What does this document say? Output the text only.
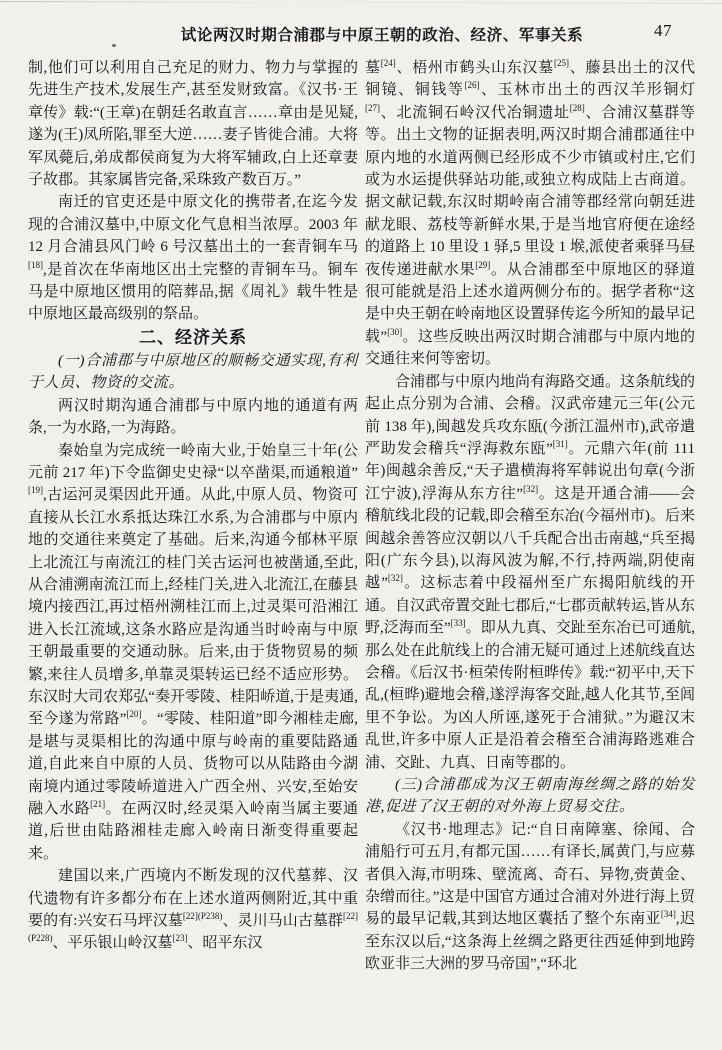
试论两汉时期合浦郡与中原王朝的政治、经济、军事关系	47

制,他们可以利用自己充足的财力、物力与掌握的先进生产技术,发展生产,甚至发财致富。《汉书·王章传》载:“(王章)在朝廷名敢直言……章由是见疑,遂为(王)凤所陷,罪至大逆……妻子皆徙合浦。大将军凤薨后,弟成都侯商复为大将军辅政,白上还章妻子故郡。其家属皆完备,采珠致产数百万。”

南迁的官吏还是中原文化的携带者,在迄今发现的合浦汉墓中,中原文化气息相当浓厚。2003 年 12 月合浦县风门岭 6 号汉墓出土的一套青铜车马[18],是首次在华南地区出土完整的青铜车马。铜车马是中原地区惯用的陪葬品,据《周礼》载牛牲是中原地区最高级别的祭品。

二、经济关系

(一)合浦郡与中原地区的顺畅交通实现,有利于人员、物资的交流。

两汉时期沟通合浦郡与中原内地的通道有两条,一为水路,一为海路。

秦始皇为完成统一岭南大业,于始皇三十年(公元前 217 年)下令监御史史禄“以卒凿渠,而通粮道”[19],古运河灵渠因此开通。从此,中原人员、物资可直接从长江水系抵达珠江水系,为合浦郡与中原内地的交通往来奠定了基础。后来,沟通今郁林平原上北流江与南流江的桂门关古运河也被凿通,至此,从合浦溯南流江而上,经桂门关,进入北流江,在藤县境内接西江,再过梧州溯桂江而上,过灵渠可沿湘江进入长江流域,这条水路应是沟通当时岭南与中原王朝最重要的交通动脉。后来,由于货物贸易的频繁,来往人员增多,单靠灵渠转运已经不适应形势。东汉时大司农郑弘“奏开零陵、桂阳峤道,于是夷通,至今遂为常路”[20]。“零陵、桂阳道”即今湘桂走廊,是堪与灵渠相比的沟通中原与岭南的重要陆路通道,自此来自中原的人员、货物可以从陆路由今湖南境内通过零陵峤道进入广西全州、兴安,至始安融入水路[21]。在两汉时,经灵渠入岭南当属主要通道,后世由陆路湘桂走廊入岭南日渐变得重要起来。

建国以来,广西境内不断发现的汉代墓葬、汉代遗物有许多都分布在上述水道两侧附近,其中重要的有:兴安石马坪汉墓$^{[22](P238)}$、灵川马山古墓群$^{[22](P228)}$、平乐银山岭汉墓[23]、昭平东汉

墓[24]、梧州市鹤头山东汉墓[25]、藤县出土的汉代铜镜、铜钱等[26]、玉林市出土的西汉羊形铜灯[27]、北流铜石岭汉代冶铜遗址[28]、合浦汉墓群等等。出土文物的证据表明,两汉时期合浦郡通往中原内地的水道两侧已经形成不少市镇或村庄,它们或为水运提供驿站功能,或独立构成陆上古商道。据文献记载,东汉时期岭南合浦等郡经常向朝廷进献龙眼、荔枝等新鲜水果,于是当地官府便在途经的道路上 10 里设 1 驿,5 里设 1 堠,派使者乘驿马昼夜传递进献水果[29]。从合浦郡至中原地区的驿道很可能就是沿上述水道两侧分布的。据学者称“这是中央王朝在岭南地区设置驿传迄今所知的最早记载”[30]。这些反映出两汉时期合浦郡与中原内地的交通往来何等密切。

合浦郡与中原内地尚有海路交通。这条航线的起止点分别为合浦、会稽。汉武帝建元三年(公元前 138 年),闽越发兵攻东瓯(今浙江温州市),武帝遣严助发会稽兵“浮海救东瓯”[31]。元鼎六年(前 111 年)闽越余善反,“天子遣横海将军韩说出句章(今浙江宁波),浮海从东方往”[32]。这是开通合浦——会稽航线北段的记载,即会稽至东冶(今福州市)。后来闽越余善答应汉朝以八千兵配合出击南越,“兵至揭阳(广东今县),以海风波为解,不行,持两端,阴使南越”[32]。这标志着中段福州至广东揭阳航线的开通。自汉武帝置交趾七郡后,“七郡贡献转运,皆从东野,泛海而至”[33]。即从九真、交趾至东冶已可通航,那么处在此航线上的合浦无疑可通过上述航线直达会稽。《后汉书·桓荣传附桓晔传》载:“初平中,天下乱,(桓晔)避地会稽,遂浮海客交趾,越人化其节,至闾里不争讼。为凶人所诬,遂死于合浦狱。”为避汉末乱世,许多中原人正是沿着会稽至合浦海路逃难合浦、交趾、九真、日南等郡的。

(三)合浦郡成为汉王朝南海丝绸之路的始发港,促进了汉王朝的对外海上贸易交往。

《汉书·地理志》记:“自日南障塞、徐闻、合浦船行可五月,有都元国……有译长,属黄门,与应募者俱入海,市明珠、壁流离、奇石、异物,赍黄金、杂缯而往。”这是中国官方通过合浦对外进行海上贸易的最早记载,其到达地区囊括了整个东南亚[34],迟至东汉以后,“这条海上丝绸之路更往西延伸到地跨欧亚非三大洲的罗马帝国”,“环北
